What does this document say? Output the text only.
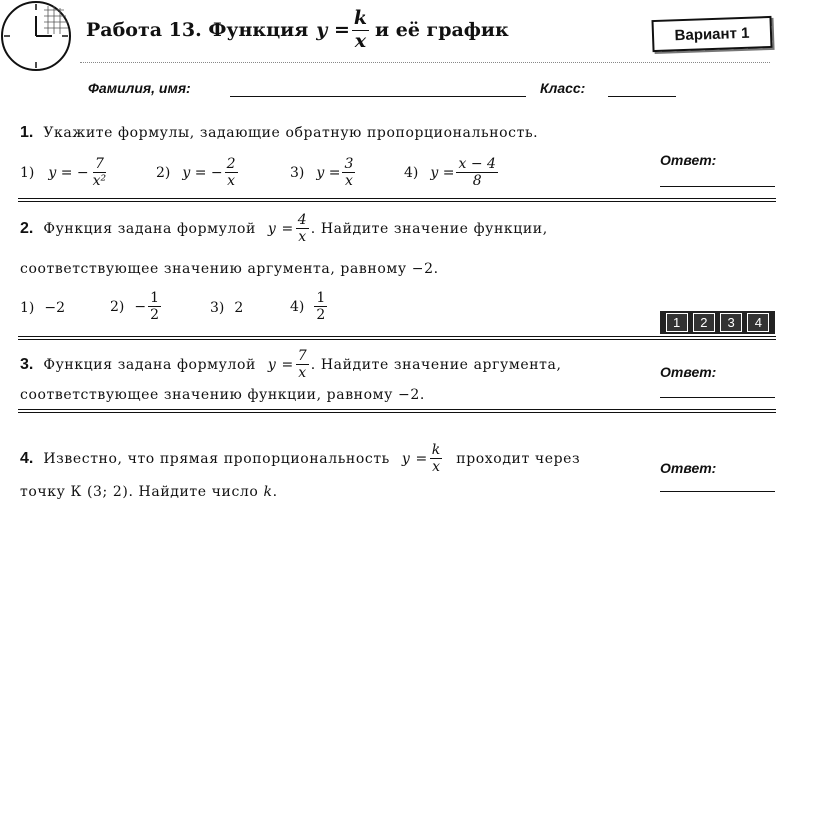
Работа 13. Функция $y = \frac{k}{x}$ и её график	Вариант 1
Фамилия, имя:	Класс:
1. Укажите формулы, задающие обратную пропорциональность.
1) y = − $\frac{7}{\text{x²}}$	2) y = − $\frac{2}{x}$	3) $y = \frac{3}{x}$	4) $y = \frac{x - 4}{8}$	Ответ:
2. Функция задана формулой $y = \frac{4}{x}$ . Найдите значение функции,
соответствующее значению аргумента, равному −2.
1) −2	$2) - \frac{1}{2}$	3) 2	$4) \frac{1}{2}$	1	2	3	4
3. Функция задана формулой $y = \frac{7}{x}$ . Найдите значение аргумента,
соответствующее значению функции, равному −2.
Ответ:
4. Известно, что прямая пропорциональность $y = \frac{k}{x}$ проходит через
точку К (3; 2). Найдите число k.
Ответ:
